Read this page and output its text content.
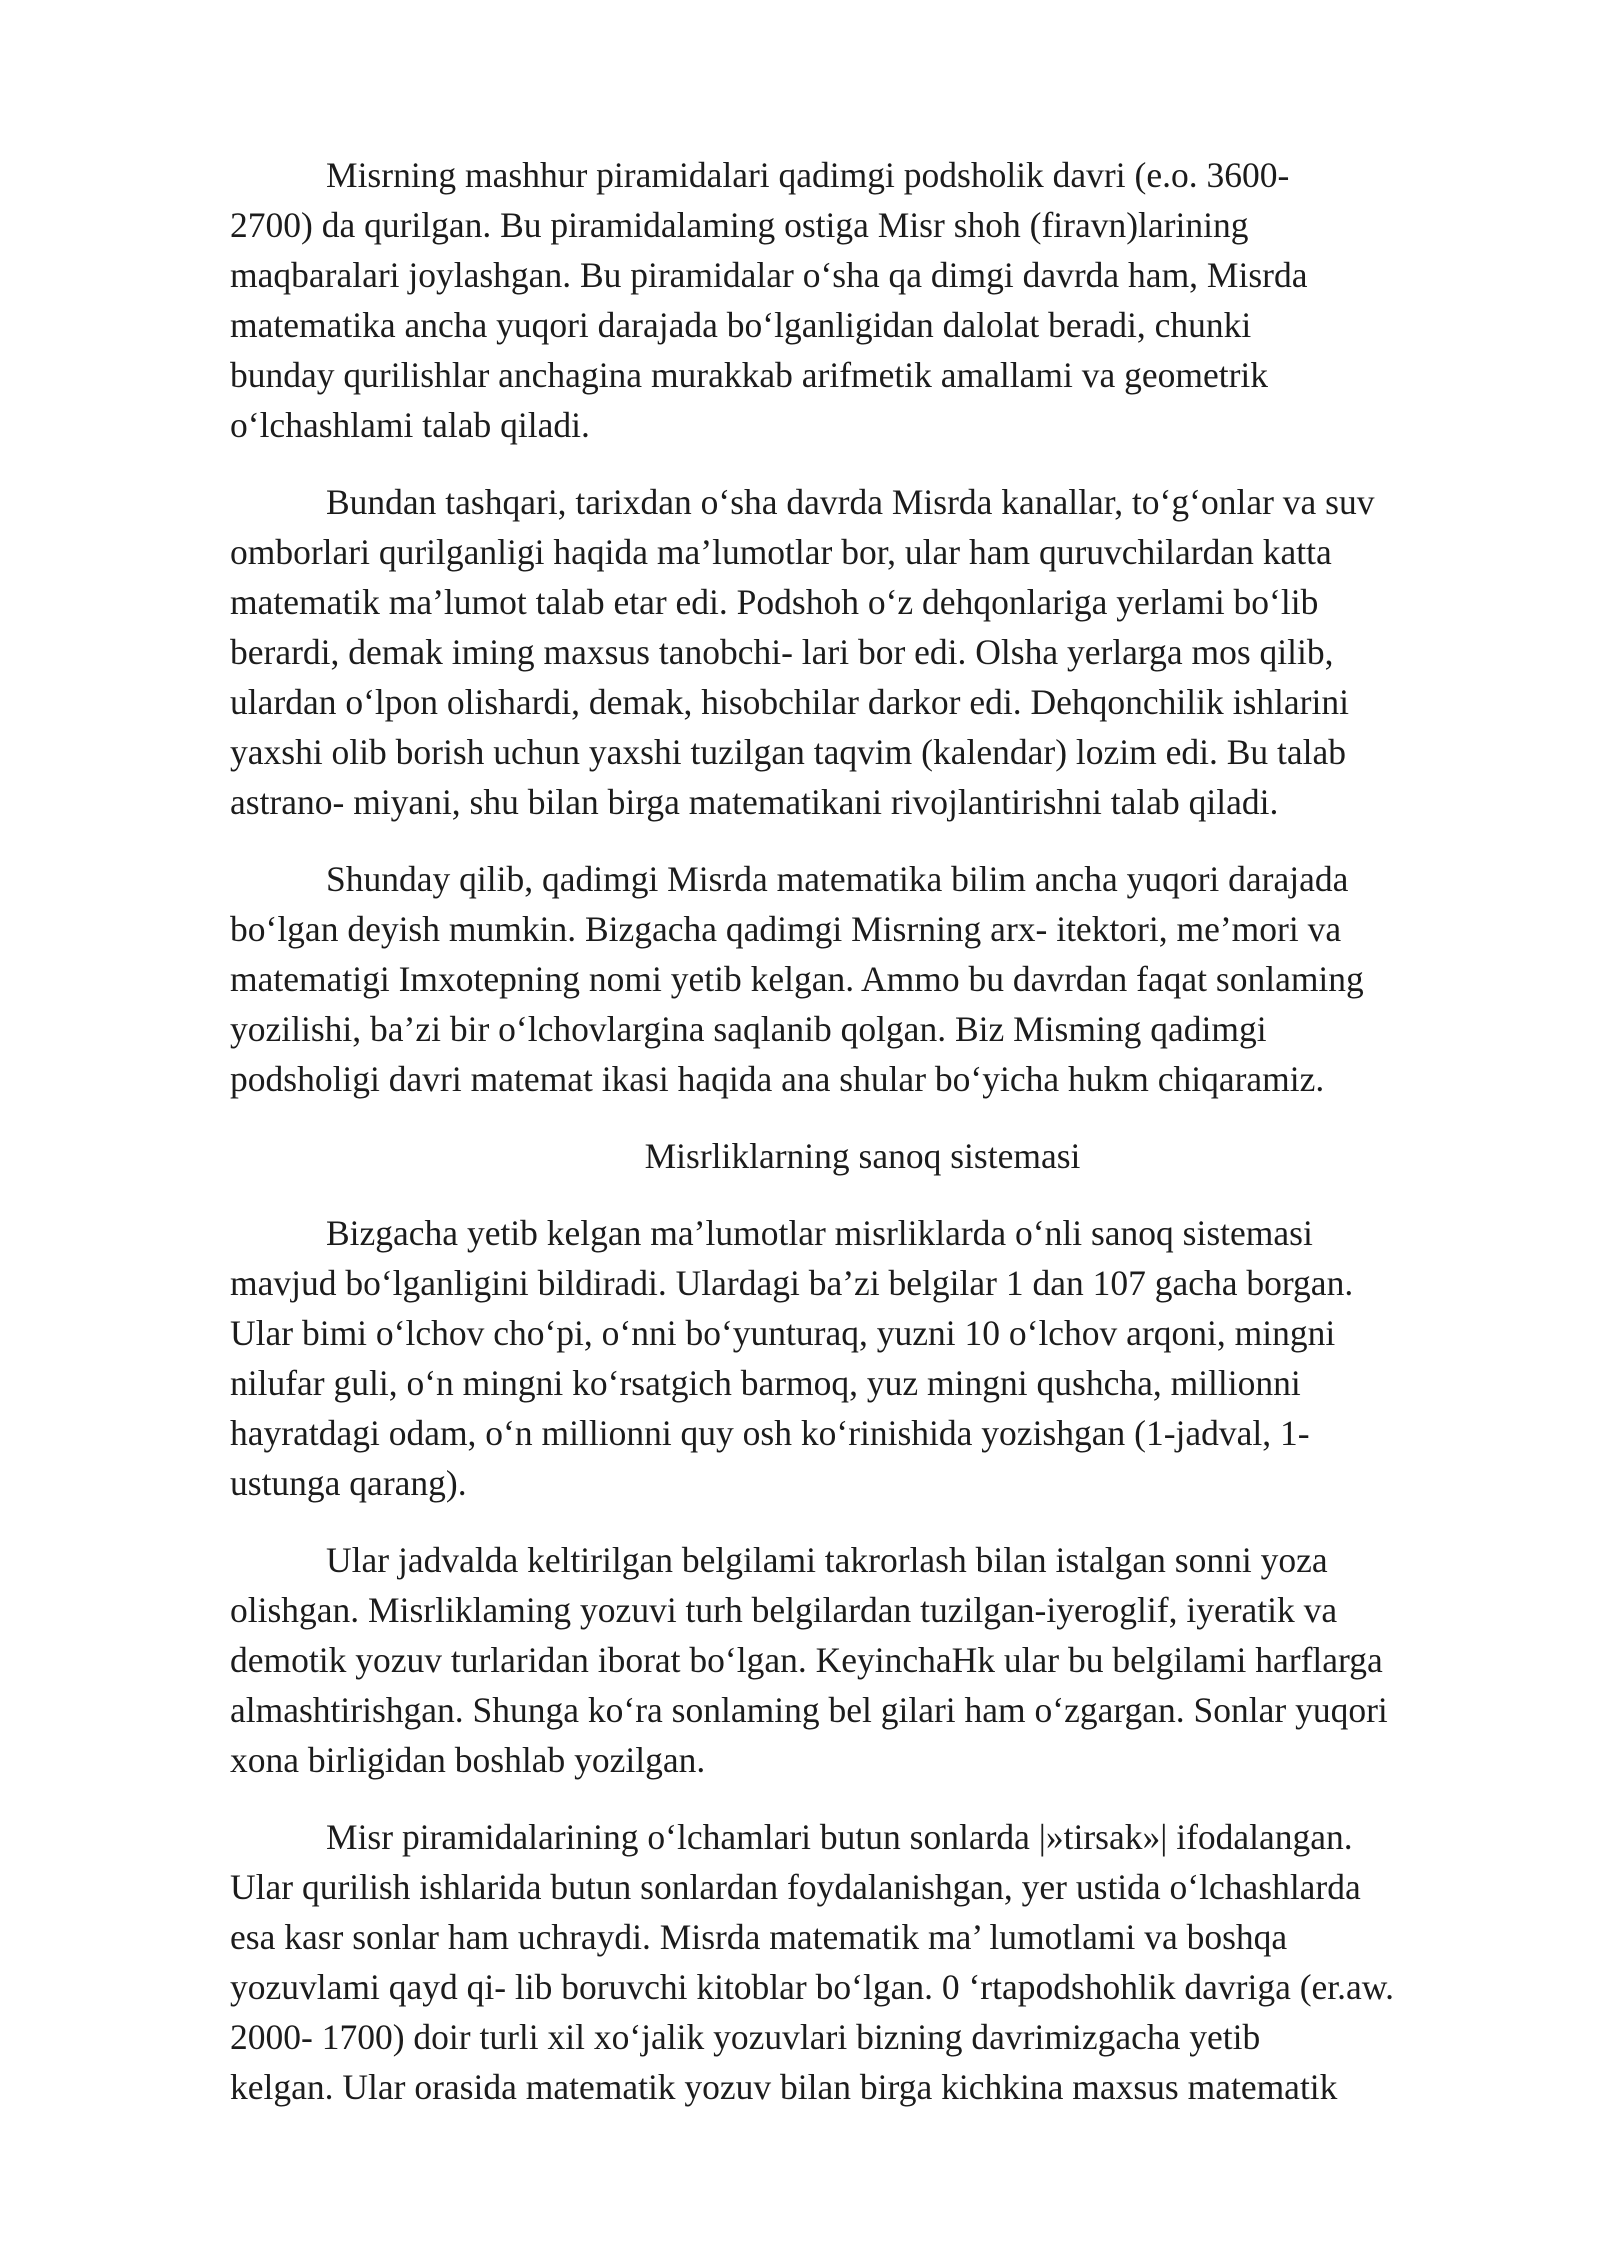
Misrning mashhur piramidalari qadimgi podsholik davri (e.o. 3600-
2700) da qurilgan. Bu piramidalaming ostiga Misr shoh (firavn)larining
maqbaralari joylashgan. Bu piramidalar o‘sha qa dimgi davrda ham, Misrda
matematika ancha yuqori darajada bo‘lganligidan dalolat beradi, chunki
bunday qurilishlar anchagina murakkab arifmetik amallami va geometrik
o‘lchashlami talab qiladi.
Bundan tashqari, tarixdan o‘sha davrda Misrda kanallar, to‘g‘onlar va suv
omborlari qurilganligi haqida ma’lumotlar bor, ular ham quruvchilardan katta
matematik ma’lumot talab etar edi. Podshoh o‘z dehqonlariga yerlami bo‘lib
berardi, demak iming maxsus tanobchi- lari bor edi. Olsha yerlarga mos qilib,
ulardan o‘lpon olishardi, demak, hisobchilar darkor edi. Dehqonchilik ishlarini
yaxshi olib borish uchun yaxshi tuzilgan taqvim (kalendar) lozim edi. Bu talab
astrano- miyani, shu bilan birga matematikani rivojlantirishni talab qiladi.
Shunday qilib, qadimgi Misrda matematika bilim ancha yuqori darajada
bo‘lgan deyish mumkin. Bizgacha qadimgi Misrning arx- itektori, me’mori va
matematigi Imxotepning nomi yetib kelgan. Ammo bu davrdan faqat sonlaming
yozilishi, ba’zi bir o‘lchovlargina saqlanib qolgan. Biz Misming qadimgi
podsholigi davri matemat ikasi haqida ana shular bo‘yicha hukm chiqaramiz.
Misrliklarning sanoq sistemasi
Bizgacha yetib kelgan ma’lumotlar misrliklarda o‘nli sanoq sistemasi
mavjud bo‘lganligini bildiradi. Ulardagi ba’zi belgilar 1 dan 107 gacha borgan.
Ular bimi o‘lchov cho‘pi, o‘nni bo‘yunturaq, yuzni 10 o‘lchov arqoni, mingni
nilufar guli, o‘n mingni ko‘rsatgich barmoq, yuz mingni qushcha, millionni
hayratdagi odam, o‘n millionni quy osh ko‘rinishida yozishgan (1-jadval, 1-
ustunga qarang).
Ular jadvalda keltirilgan belgilami takrorlash bilan istalgan sonni yoza
olishgan. Misrliklaming yozuvi turh belgilardan tuzilgan-iyeroglif, iyeratik va
demotik yozuv turlaridan iborat bo‘lgan. KeyinchaHk ular bu belgilami harflarga
almashtirishgan. Shunga ko‘ra sonlaming bel gilari ham o‘zgargan. Sonlar yuqori
xona birligidan boshlab yozilgan.
Misr piramidalarining o‘lchamlari butun sonlarda |»tirsak»| ifodalangan.
Ular qurilish ishlarida butun sonlardan foydalanishgan, yer ustida o‘lchashlarda
esa kasr sonlar ham uchraydi. Misrda matematik ma’ lumotlami va boshqa
yozuvlami qayd qi- lib boruvchi kitoblar bo‘lgan. 0 ‘rtapodshohlik davriga (er.aw.
2000- 1700) doir turli xil xo‘jalik yozuvlari bizning davrimizgacha yetib
kelgan. Ular orasida matematik yozuv bilan birga kichkina maxsus matematik
